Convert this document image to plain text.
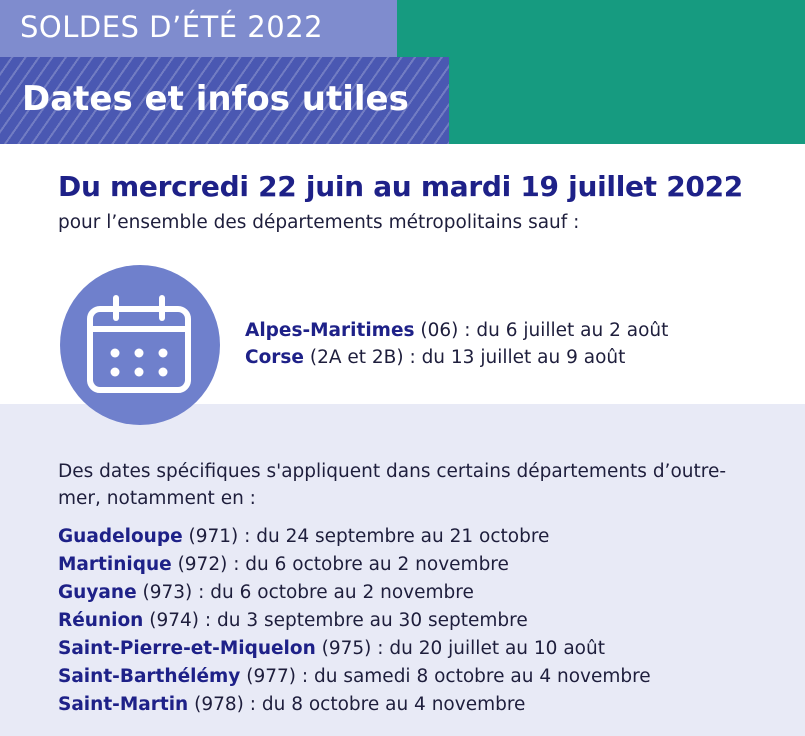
SOLDES D’ÉTÉ 2022
Dates et infos utiles
Du mercredi 22 juin au mardi 19 juillet 2022
pour l’ensemble des départements métropolitains sauf :
Alpes-Maritimes (06) : du 6 juillet au 2 août
Corse (2A et 2B) : du 13 juillet au 9 août
Des dates spécifiques s'appliquent dans certains départements d’outre-mer, notamment en :
Guadeloupe (971) : du 24 septembre au 21 octobre
Martinique (972) : du 6 octobre au 2 novembre
Guyane (973) : du 6 octobre au 2 novembre
Réunion (974) : du 3 septembre au 30 septembre
Saint-Pierre-et-Miquelon (975) : du 20 juillet au 10 août
Saint-Barthélémy (977) : du samedi 8 octobre au 4 novembre
Saint-Martin (978) : du 8 octobre au 4 novembre
